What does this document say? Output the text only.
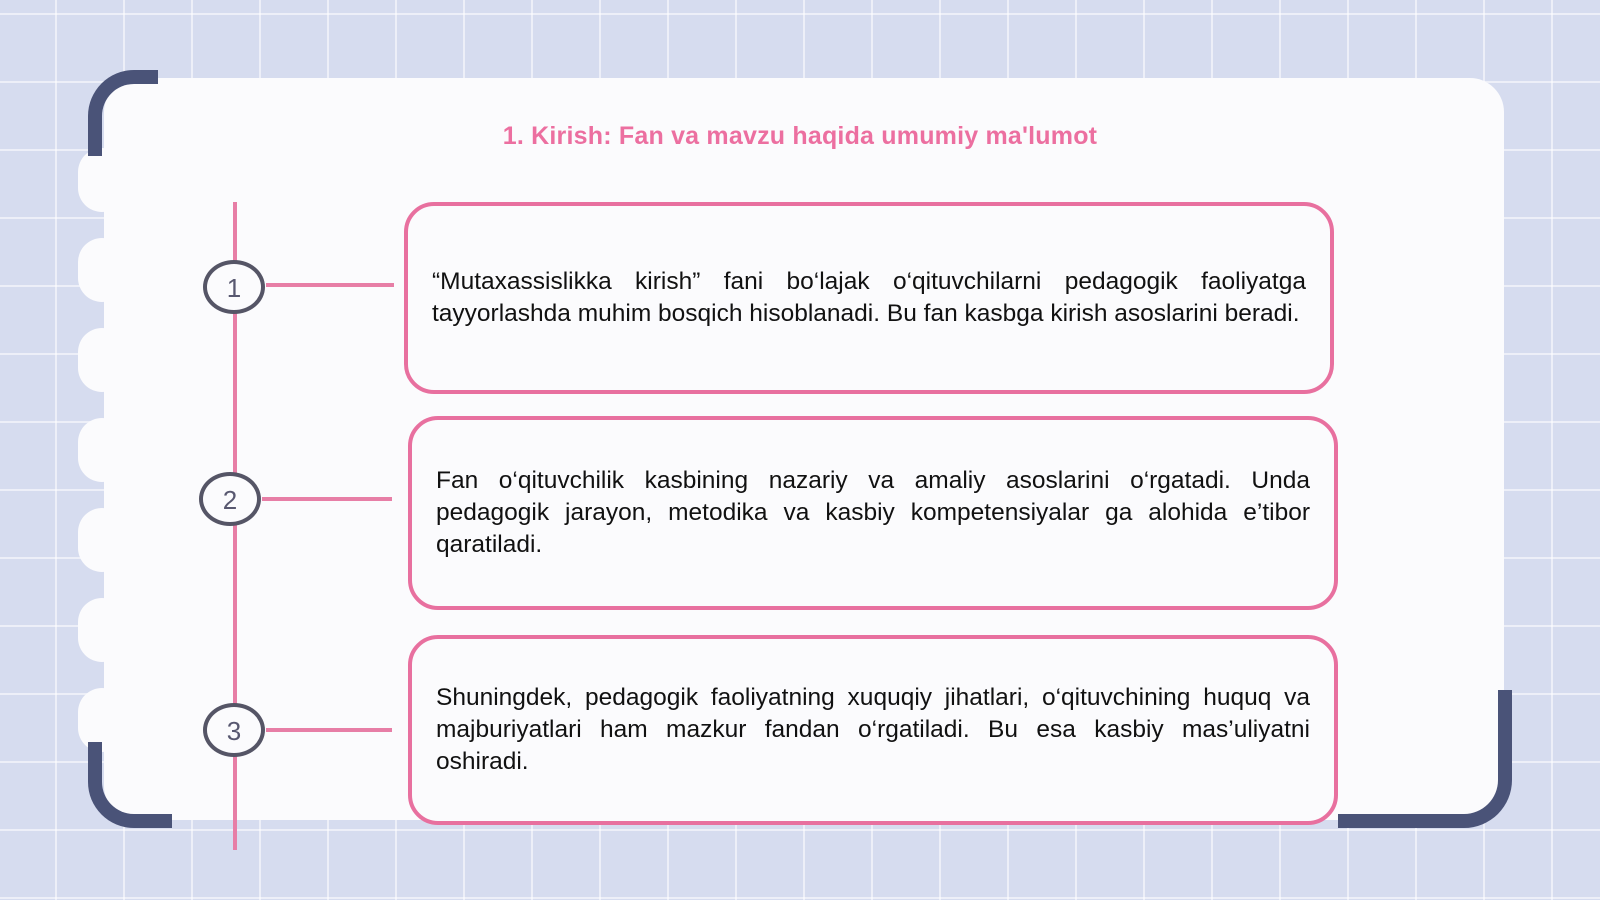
1. Kirish: Fan va mavzu haqida umumiy ma'lumot
1
2
3

“Mutaxassislikka kirish” fani bo‘lajak o‘qituvchilarni pedagogik faoliyatga tayyorlashda muhim bosqich hisoblanadi. Bu fan kasbga kirish asoslarini beradi.

Fan o‘qituvchilik kasbining nazariy va amaliy asoslarini o‘rgatadi. Unda pedagogik jarayon, metodika va kasbiy kompetensiyalar ga alohida e’tibor qaratiladi.

Shuningdek, pedagogik faoliyatning xuquqiy jihatlari, o‘qituvchining huquq va majburiyatlari ham mazkur fandan o‘rgatiladi. Bu esa kasbiy mas’uliyatni oshiradi.
